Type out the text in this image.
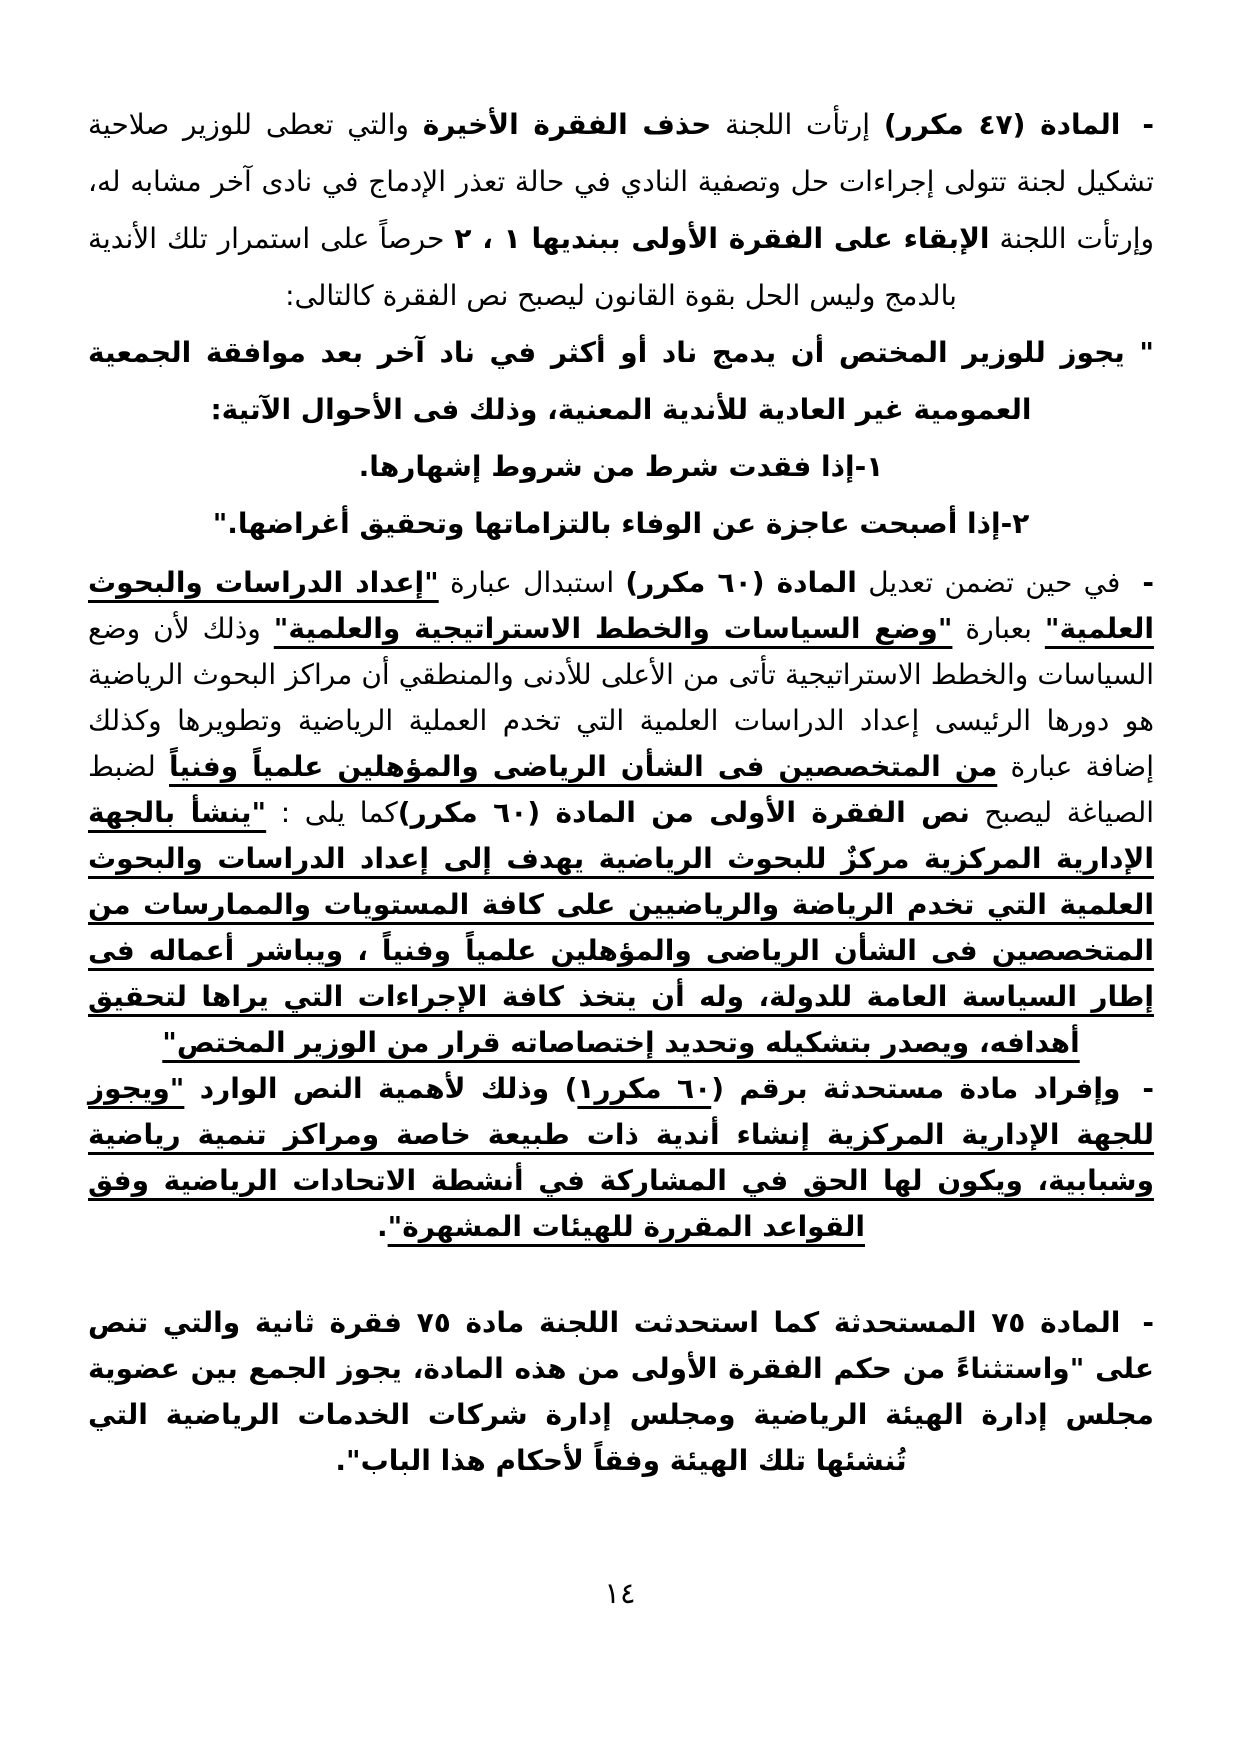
-المادة (٤٧ مكرر) إرتأت اللجنة حذف الفقرة الأخيرة والتي تعطى للوزير صلاحية تشكيل لجنة تتولى إجراءات حل وتصفية النادي في حالة تعذر الإدماج في نادى آخر مشابه له، وإرتأت اللجنة الإبقاء على الفقرة الأولى ببنديها ١ ، ٢ حرصاً على استمرار تلك الأندية بالدمج وليس الحل بقوة القانون ليصبح نص الفقرة كالتالى:

" يجوز للوزير المختص أن يدمج ناد أو أكثر في ناد آخر بعد موافقة الجمعية العمومية غير العادية للأندية المعنية، وذلك فى الأحوال الآتية:

١-إذا فقدت شرط من شروط إشهارها.

٢-إذا أصبحت عاجزة عن الوفاء بالتزاماتها وتحقيق أغراضها."

-في حين تضمن تعديل المادة (٦٠ مكرر) استبدال عبارة "إعداد الدراسات والبحوث العلمية" بعبارة "وضع السياسات والخطط الاستراتيجية والعلمية" وذلك لأن وضع السياسات والخطط الاستراتيجية تأتى من الأعلى للأدنى والمنطقي أن مراكز البحوث الرياضية هو دورها الرئيسى إعداد الدراسات العلمية التي تخدم العملية الرياضية وتطويرها وكذلك إضافة عبارة من المتخصصين فى الشأن الرياضى والمؤهلين علمياً وفنياً لضبط الصياغة ليصبح نص الفقرة الأولى من المادة (٦٠ مكرر)كما يلى : "ينشأ بالجهة الإدارية المركزية مركزٌ للبحوث الرياضية يهدف إلى إعداد الدراسات والبحوث العلمية التي تخدم الرياضة والرياضيين على كافة المستويات والممارسات من المتخصصين فى الشأن الرياضى والمؤهلين علمياً وفنياً ، ويباشر أعماله فى إطار السياسة العامة للدولة، وله أن يتخذ كافة الإجراءات التي يراها لتحقيق أهدافه، ويصدر بتشكيله وتحديد إختصاصاته قرار من الوزير المختص"

-وإفراد مادة مستحدثة برقم (٦٠ مكرر١) وذلك لأهمية النص الوارد "ويجوز للجهة الإدارية المركزية إنشاء أندية ذات طبيعة خاصة ومراكز تنمية رياضية وشبابية، ويكون لها الحق في المشاركة في أنشطة الاتحادات الرياضية وفق القواعد المقررة للهيئات المشهرة".

-المادة ٧٥ المستحدثة كما استحدثت اللجنة مادة ٧٥ فقرة ثانية والتي تنص على "واستثناءً من حكم الفقرة الأولى من هذه المادة، يجوز الجمع بين عضوية مجلس إدارة الهيئة الرياضية ومجلس إدارة شركات الخدمات الرياضية التي تُنشئها تلك الهيئة وفقاً لأحكام هذا الباب".

١٤
